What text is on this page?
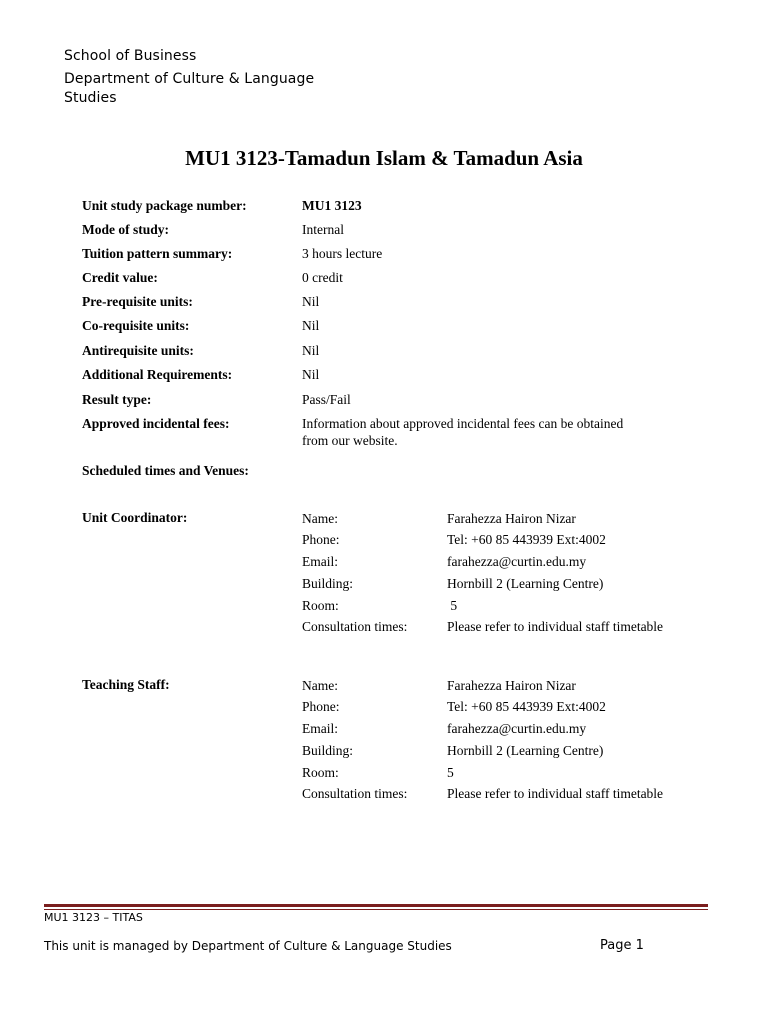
School of Business
Department of Culture & Language
Studies
MU1 3123-Tamadun Islam & Tamadun Asia
Unit study package number:	MU1 3123
Mode of study:	Internal
Tuition pattern summary:	3 hours lecture
Credit value:	0 credit
Pre-requisite units:	Nil
Co-requisite units:	Nil
Antirequisite units:	Nil
Additional Requirements:	Nil
Result type:	Pass/Fail
Approved incidental fees:	Information about approved incidental fees can be obtained from our website.
Scheduled times and Venues:
Unit Coordinator:	Name:	Farahezza Hairon Nizar
Phone:	Tel: +60 85 443939 Ext:4002
Email:	farahezza@curtin.edu.my
Building:	Hornbill 2 (Learning Centre)
Room:	5
Consultation times:	Please refer to individual staff timetable
Teaching Staff:	Name:	Farahezza Hairon Nizar
Phone:	Tel: +60 85 443939 Ext:4002
Email:	farahezza@curtin.edu.my
Building:	Hornbill 2 (Learning Centre)
Room:	5
Consultation times:	Please refer to individual staff timetable
MU1 3123 – TITAS
This unit is managed by Department of Culture & Language Studies	Page 1
